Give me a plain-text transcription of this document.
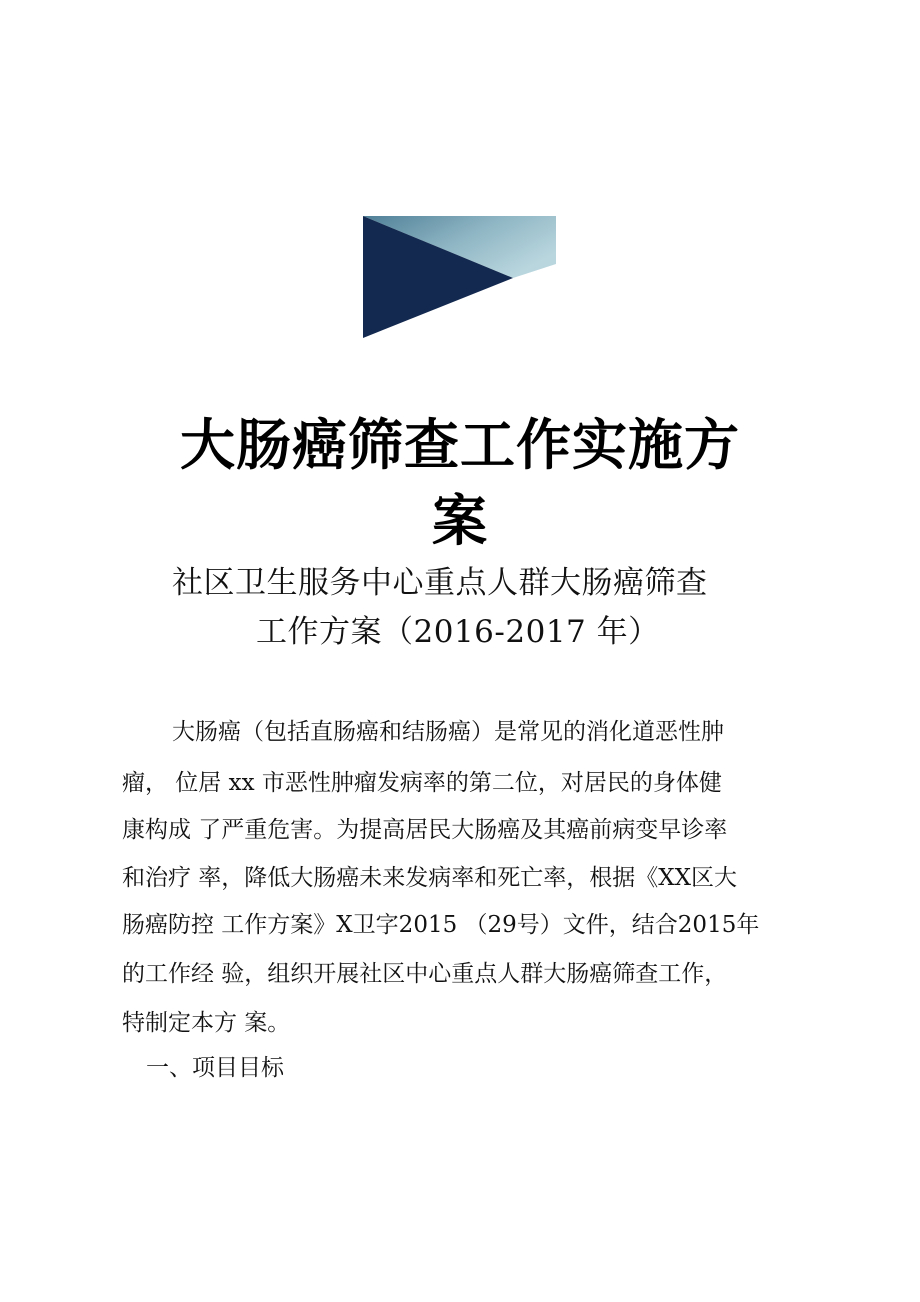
大肠癌筛查工作实施方
案
社区卫生服务中心重点人群大肠癌筛查
工作方案（2016-2017 年）
大肠癌（包括直肠癌和结肠癌）是常见的消化道恶性肿
瘤， 位居 xx 市恶性肿瘤发病率的第二位，对居民的身体健
康构成 了严重危害。为提高居民大肠癌及其癌前病变早诊率
和治疗 率，降低大肠癌未来发病率和死亡率，根据《XX区大
肠癌防控 工作方案》X卫字2015 （29号）文件，结合2015年
的工作经 验，组织开展社区中心重点人群大肠癌筛查工作，
特制定本方 案。
一、项目目标
